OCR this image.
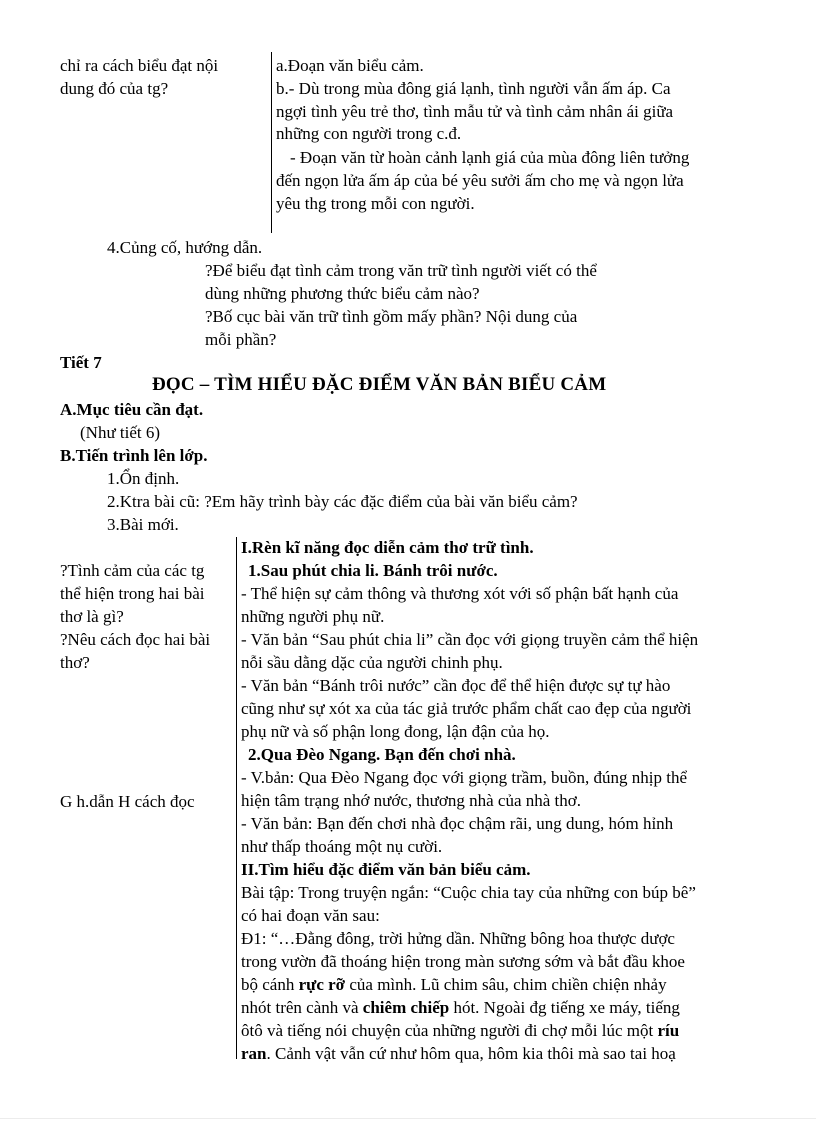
chỉ ra cách biểu đạt nội
dung đó của tg?
a.Đoạn văn biểu cảm.
b.- Dù trong mùa đông giá lạnh, tình người vẫn ấm áp. Ca
ngợi tình yêu trẻ thơ, tình mẫu tử và tình cảm nhân ái giữa
những con người trong c.đ.
- Đoạn văn từ hoàn cảnh lạnh giá của mùa đông liên tưởng
đến ngọn lửa ấm áp của bé yêu sưởi ấm cho mẹ và ngọn lửa
yêu thg trong mỗi con người.
4.Củng cố, hướng dẫn.
?Để biểu đạt tình cảm trong văn trữ tình người viết có thể
dùng những phương thức biểu cảm nào?
?Bố cục bài văn trữ tình gồm mấy phần? Nội dung của
mỗi phần?
Tiết 7
ĐỌC – TÌM HIỂU ĐẶC ĐIỂM VĂN BẢN BIỂU CẢM
A.Mục tiêu cần đạt.
(Như tiết 6)
B.Tiến trình lên lớp.
1.Ổn định.
2.Ktra bài cũ: ?Em hãy trình bày các đặc điểm của bài văn biểu cảm?
3.Bài mới.
?Tình cảm của các tg
thể hiện trong hai bài
thơ là gì?
?Nêu cách đọc hai bài
thơ?
G h.dẫn H cách đọc
I.Rèn kĩ năng đọc diễn cảm thơ trữ tình.
1.Sau phút chia li. Bánh trôi nước.
- Thể hiện sự cảm thông và thương xót với số phận bất hạnh của
những người phụ nữ.
- Văn bản “Sau phút chia li” cần đọc với giọng truyền cảm thể hiện
nỗi sầu dằng dặc của người chinh phụ.
- Văn bản “Bánh trôi nước” cần đọc để thể hiện được sự tự hào
cũng như sự xót xa của tác giả trước phẩm chất cao đẹp của người
phụ nữ và số phận long đong, lận đận của họ.
2.Qua Đèo Ngang. Bạn đến chơi nhà.
- V.bản: Qua Đèo Ngang đọc với giọng trầm, buồn, đúng nhịp thể
hiện tâm trạng nhớ nước, thương nhà của nhà thơ.
- Văn bản: Bạn đến chơi nhà đọc chậm rãi, ung dung, hóm hỉnh
như thấp thoáng một nụ cười.
II.Tìm hiểu đặc điểm văn bản biểu cảm.
Bài tập: Trong truyện ngắn: “Cuộc chia tay của những con búp bê”
có hai đoạn văn sau:
Đ1: “…Đằng đông, trời hửng dần. Những bông hoa thược dược
trong vườn đã thoáng hiện trong màn sương sớm và bắt đầu khoe
bộ cánh rực rỡ của mình. Lũ chim sâu, chim chiền chiện nhảy
nhót trên cành và chiêm chiếp hót. Ngoài đg tiếng xe máy, tiếng
ôtô và tiếng nói chuyện của những người đi chợ mỗi lúc một ríu
ran. Cảnh vật vẫn cứ như hôm qua, hôm kia thôi mà sao tai hoạ
